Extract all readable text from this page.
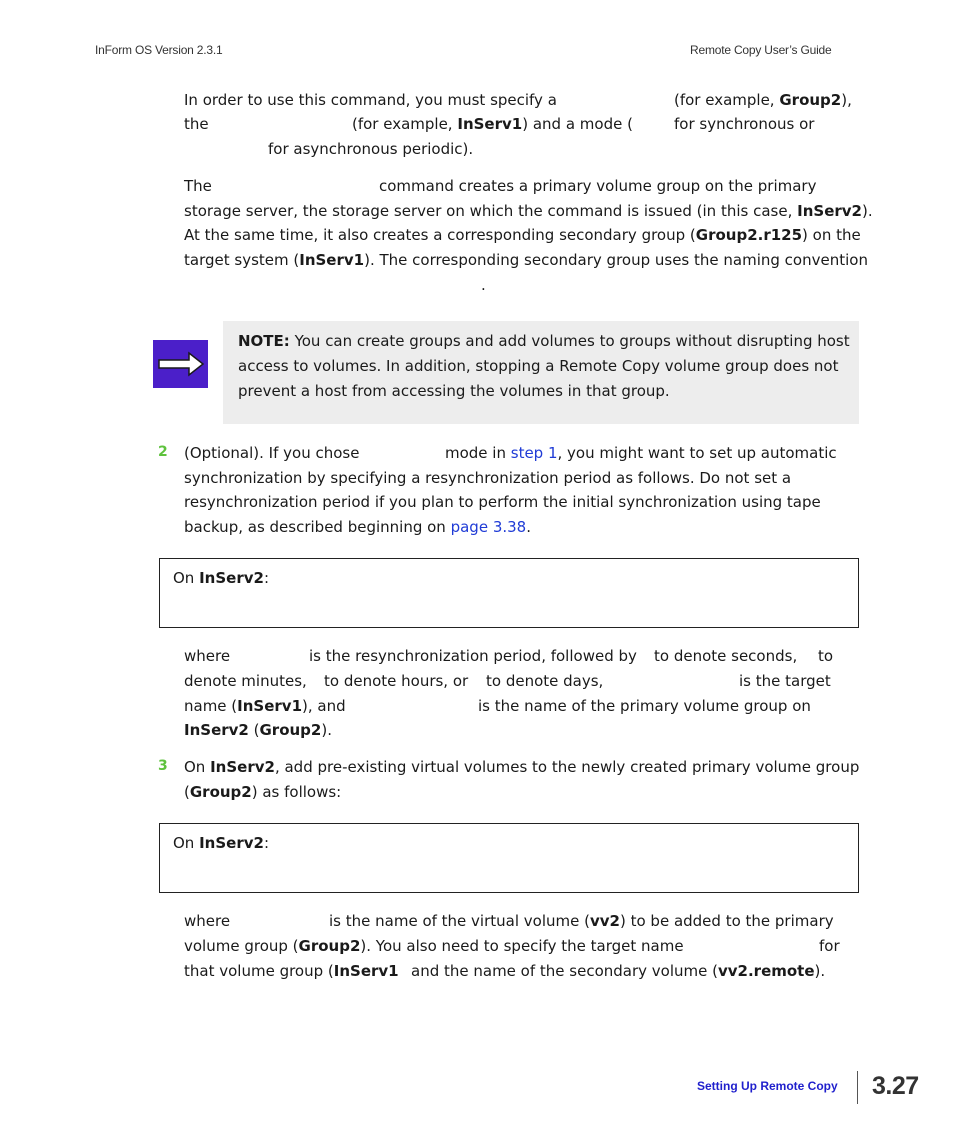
InForm OS Version 2.3.1	Remote Copy User’s Guide
In order to use this command, you must specify a	(for example, Group2),
the	(for example, InServ1) and a mode (	for synchronous or
for asynchronous periodic).
The	command creates a primary volume group on the primary
storage server, the storage server on which the command is issued (in this case, InServ2).
At the same time, it also creates a corresponding secondary group (Group2.r125) on the
target system (InServ1). The corresponding secondary group uses the naming convention
.
NOTE: You can create groups and add volumes to groups without disrupting host
access to volumes. In addition, stopping a Remote Copy volume group does not
prevent a host from accessing the volumes in that group.
2 (Optional). If you chose	mode in step 1, you might want to set up automatic
synchronization by specifying a resynchronization period as follows. Do not set a
resynchronization period if you plan to perform the initial synchronization using tape
backup, as described beginning on page 3.38.
On InServ2:
where	is the resynchronization period, followed by to denote seconds, to
denote minutes, to denote hours, or to denote days,	is the target
name (InServ1), and	is the name of the primary volume group on
InServ2 (Group2).
3 On InServ2, add pre-existing virtual volumes to the newly created primary volume group
(Group2) as follows:
On InServ2:
where	is the name of the virtual volume (vv2) to be added to the primary
volume group (Group2). You also need to specify the target name	for
that volume group (InServ1 and the name of the secondary volume (vv2.remote).
Setting Up Remote Copy 3.27
